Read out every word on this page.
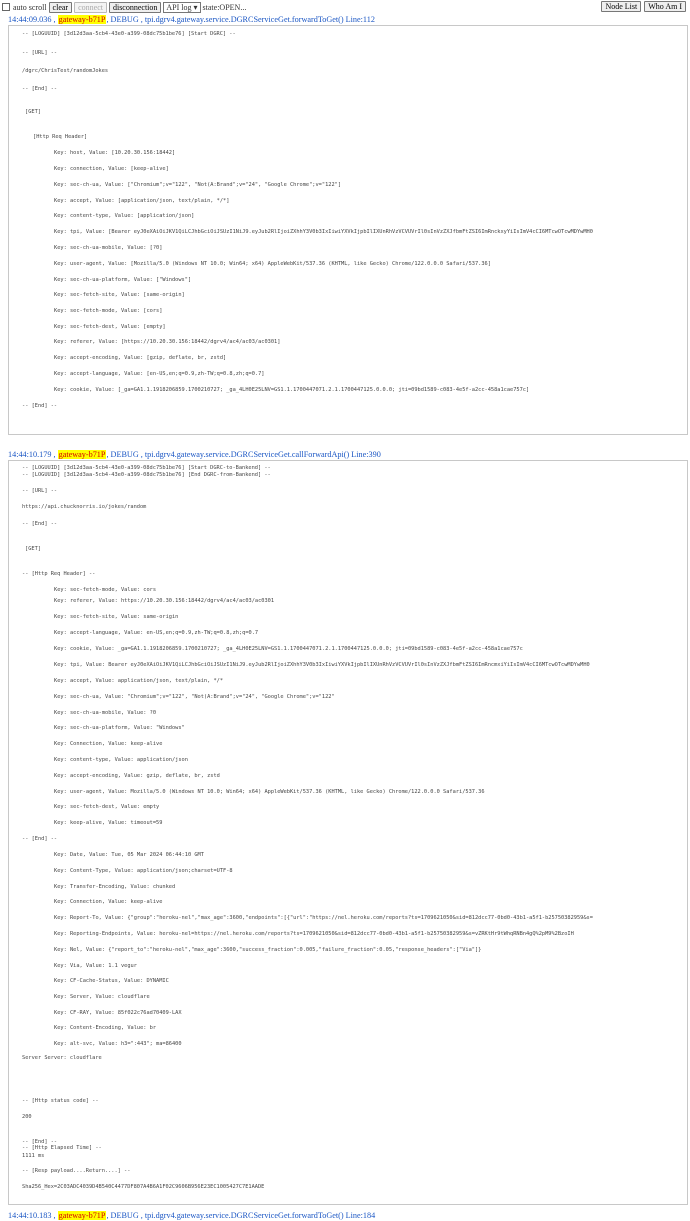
auto scroll clear	connect	disconnection	API log ▾ state:OPEN...	Node List	Who Am I
14:44:09.036 , gateway-b71P, DEBUG , tpi.dgrv4.gateway.service.DGRCServiceGet.forwardToGet() Line:112
-- [LOGUUID] [3d12d3aa-5cb4-43e0-a399-08dc75b1be76] [Start DGRC] --
-- [URL] --
/dgrc/ChrisTest/randomJokes
-- [End] --
[GET]
[Http Req Header]
Key: host, Value: [10.20.30.156:18442]
Key: connection, Value: [keep-alive]
Key: sec-ch-ua, Value: ["Chromium";v="122", "Not(A:Brand";v="24", "Google Chrome";v="122"]
Key: accept, Value: [application/json, text/plain, */*]
Key: content-type, Value: [application/json]
Key: tpi, Value: [Bearer eyJ0eXAiOiJKV1QiLCJhbGciOiJSUzI1NiJ9.eyJub2RlIjoiZXhhY3V0b3IxIiwiYXVkIjpbIlIXUnRhVzVCVUVrIl0sInVzZXJfbmFtZSI6ImRnckxyYiIsImV4cCI6MTcwOTcwMDYwMH0
Key: sec-ch-ua-mobile, Value: [?0]
Key: user-agent, Value: [Mozilla/5.0 (Windows NT 10.0; Win64; x64) AppleWebKit/537.36 (KHTML, like Gecko) Chrome/122.0.0.0 Safari/537.36]
Key: sec-ch-ua-platform, Value: ["Windows"]
Key: sec-fetch-site, Value: [same-origin]
Key: sec-fetch-mode, Value: [cors]
Key: sec-fetch-dest, Value: [empty]
Key: referer, Value: [https://10.20.30.156:18442/dgrv4/ac4/ac03/ac0301]
Key: accept-encoding, Value: [gzip, deflate, br, zstd]
Key: accept-language, Value: [en-US,en;q=0.9,zh-TW;q=0.8,zh;q=0.7]
Key: cookie, Value: [_ga=GA1.1.1918206859.1700210727; _ga_4LH0E25LNV=GS1.1.1700447071.2.1.1700447125.0.0.0; jti=09bd1589-c083-4e5f-a2cc-458a1cae757c]
-- [End] --
14:44:10.179 , gateway-b71P, DEBUG , tpi.dgrv4.gateway.service.DGRCServiceGet.callForwardApi() Line:390
-- [LOGUUID] [3d12d3aa-5cb4-43e0-a399-08dc75b1be76] [Start DGRC-to-Bankend] --
-- [LOGUUID] [3d12d3aa-5cb4-43e0-a399-08dc75b1be76] [End DGRC-from-Bankend] --
-- [URL] --
https://api.chucknorris.io/jokes/random
-- [End] --
[GET]
-- [Http Req Header] --
Key: sec-fetch-mode, Value: cors
Key: referer, Value: https://10.20.30.156:18442/dgrv4/ac4/ac03/ac0301
Key: sec-fetch-site, Value: same-origin
Key: accept-language, Value: en-US,en;q=0.9,zh-TW;q=0.8,zh;q=0.7
Key: cookie, Value: _ga=GA1.1.1918206859.1700210727; _ga_4LH0E25LNV=GS1.1.1700447071.2.1.1700447125.0.0.0; jti=09bd1589-c083-4e5f-a2cc-458a1cae757c
Key: tpi, Value: Bearer eyJ0eXAiOiJKV1QiLCJhbGciOiJSUzI1NiJ9.eyJub2RlIjoiZXhhY3V0b3IxIiwiYXVkIjpbIlIXUnRhVzVCVUVrIl0sInVzZXJfbmFtZSI6ImRncmxiYiIsImV4cCI6MTcwOTcwMDYwMH0
Key: accept, Value: application/json, text/plain, */*
Key: sec-ch-ua, Value: "Chromium";v="122", "Not(A:Brand";v="24", "Google Chrome";v="122"
Key: sec-ch-ua-mobile, Value: ?0
Key: sec-ch-ua-platform, Value: "Windows"
Key: Connection, Value: keep-alive
Key: content-type, Value: application/json
Key: accept-encoding, Value: gzip, deflate, br, zstd
Key: user-agent, Value: Mozilla/5.0 (Windows NT 10.0; Win64; x64) AppleWebKit/537.36 (KHTML, like Gecko) Chrome/122.0.0.0 Safari/537.36
Key: sec-fetch-dest, Value: empty
Key: keep-alive, Value: timeout=59
-- [End] --
Key: Date, Value: Tue, 05 Mar 2024 06:44:10 GMT
Key: Content-Type, Value: application/json;charset=UTF-8
Key: Transfer-Encoding, Value: chunked
Key: Connection, Value: keep-alive
Key: Report-To, Value: {"group":"heroku-nel","max_age":3600,"endpoints":[{"url":"https://nel.heroku.com/reports?ts=1709621050&sid=812dcc77-0bd0-43b1-a5f1-b25750382959&s=
Key: Reporting-Endpoints, Value: heroku-nel=https://nel.heroku.com/reports?ts=1709621050&sid=812dcc77-0bd0-43b1-a5f1-b25750382959&s=vZRKtHr9tWhqRNBn4gQ%2pM9%2BzoIH
Key: Nel, Value: {"report_to":"heroku-nel","max_age":3600,"success_fraction":0.005,"failure_fraction":0.05,"response_headers":["Via"]}
Key: Via, Value: 1.1 vegur
Key: CF-Cache-Status, Value: DYNAMIC
Key: Server, Value: cloudflare
Key: CF-RAY, Value: 85f022c76ad70409-LAX
Key: Content-Encoding, Value: br
Key: alt-svc, Value: h3=":443"; ma=86400
Server Server: cloudflare
-- [Http status code] --
200
-- [End] --
-- [Http Elapsed Time] --
1111 ms
-- [Resp payload....Return....] --
Sha256_Hex=2C03ADC4039D4B540C4477DF807A4B6A1F02C9606B956E23EC1005427C7E1AADE
14:44:10.183 , gateway-b71P, DEBUG , tpi.dgrv4.gateway.service.DGRCServiceGet.forwardToGet() Line:184
